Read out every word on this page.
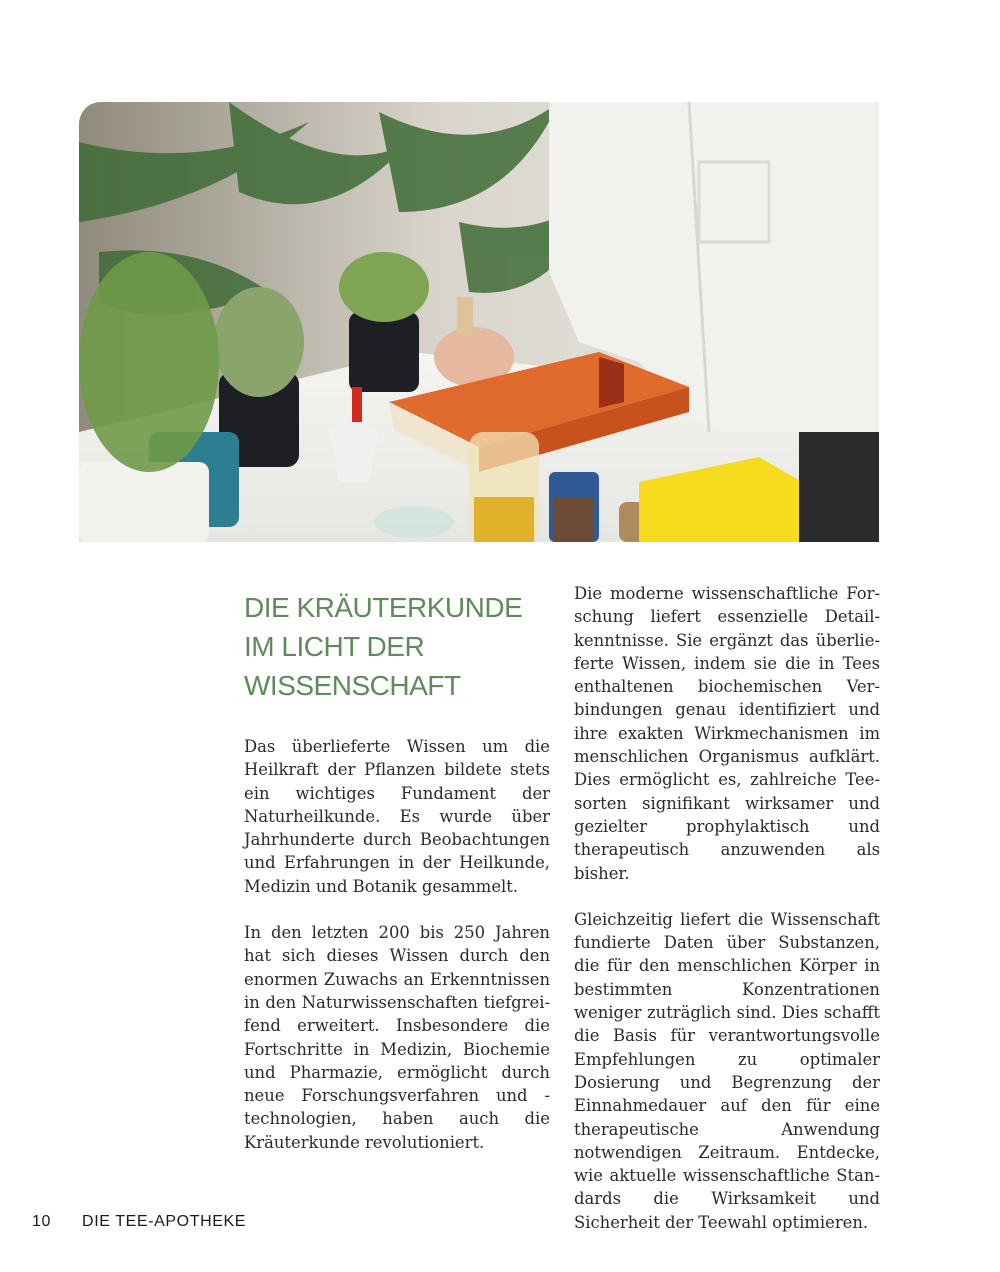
DIE KRÄUTERKUNDE
IM LICHT DER
WISSENSCHAFT

Das überlieferte Wissen um die Heilkraft der Pflanzen bildete stets ein wichtiges Fundament der Naturheilkunde. Es wurde über Jahrhunderte durch Beobachtungen und Erfahrungen in der Heilkunde, Medizin und Botanik gesammelt.

In den letzten 200 bis 250 Jahren hat sich dieses Wissen durch den enormen Zuwachs an Erkenntnissen in den Naturwissenschaften tiefgreifend erweitert. Insbesondere die Fortschritte in Medizin, Biochemie und Pharmazie, ermöglicht durch neue Forschungsverfahren und -technologien, haben auch die Kräuterkunde revolutioniert.

Die moderne wissenschaftliche Forschung liefert essenzielle Detailkenntnisse. Sie ergänzt das überlieferte Wissen, indem sie die in Tees enthaltenen biochemischen Verbindungen genau identifiziert und ihre exakten Wirkmechanismen im menschlichen Organismus aufklärt. Dies ermöglicht es, zahlreiche Teesorten signifikant wirksamer und gezielter prophylaktisch und therapeutisch anzuwenden als bisher.

Gleichzeitig liefert die Wissenschaft fundierte Daten über Substanzen, die für den menschlichen Körper in bestimmten Konzentrationen weniger zuträglich sind. Dies schafft die Basis für verantwortungsvolle Empfehlungen zu optimaler Dosierung und Begrenzung der Einnahmedauer auf den für eine therapeutische Anwendung notwendigen Zeitraum. Entdecke, wie aktuelle wissenschaftliche Standards die Wirksamkeit und Sicherheit der Teewahl optimieren.

10 DIE TEE-APOTHEKE
